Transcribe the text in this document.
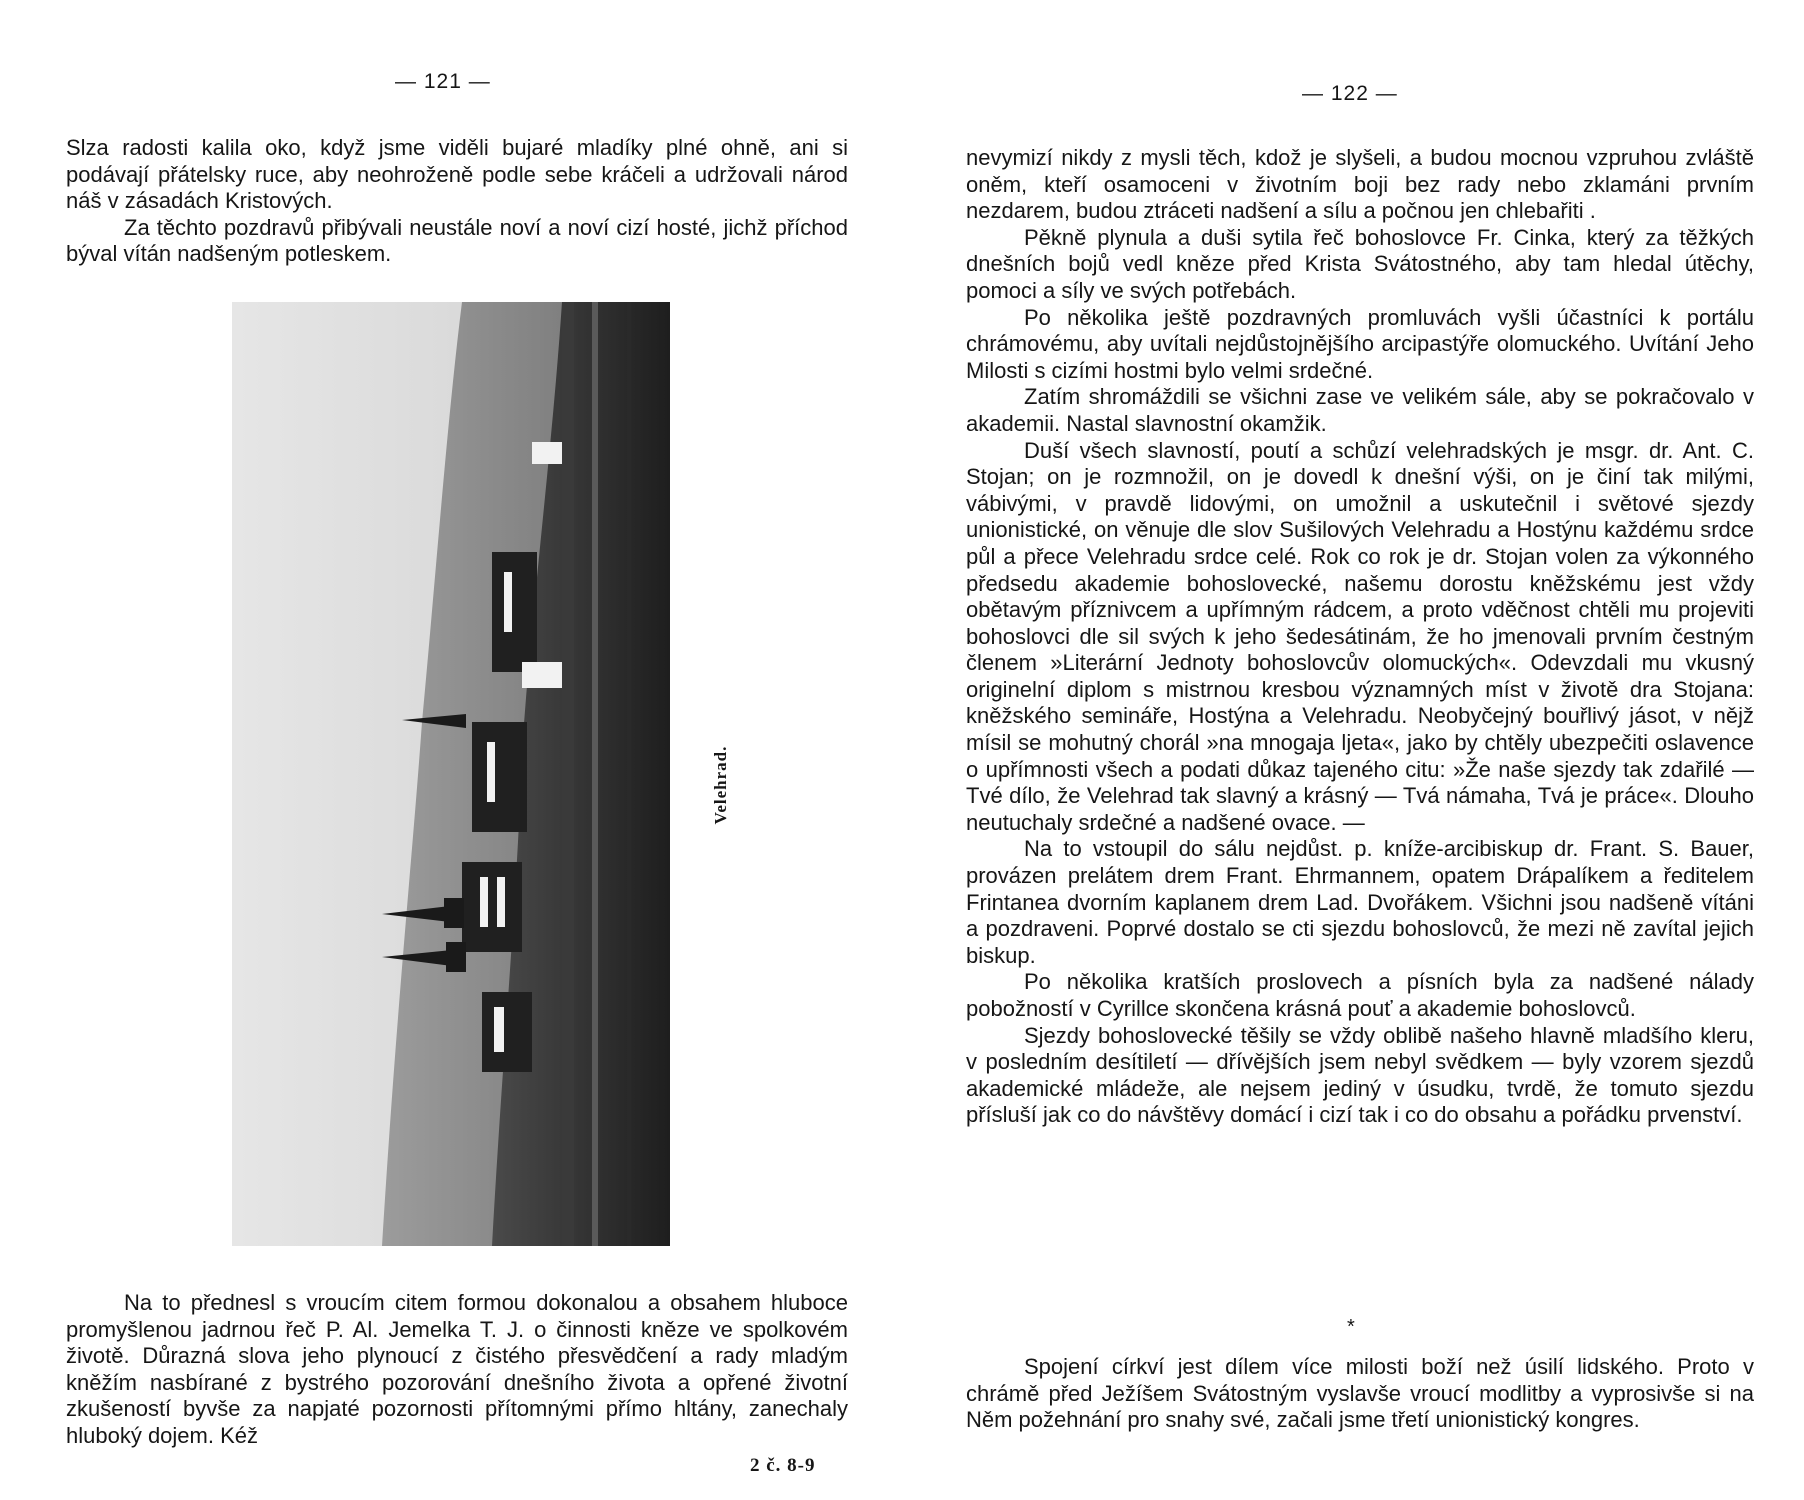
— 121 —

Slza radosti kalila oko, když jsme viděli bujaré mladíky plné ohně, ani si podávají přátelsky ruce, aby neohroženě podle sebe kráčeli a udržovali národ náš v zásadách Kristových.

Za těchto pozdravů přibývali neustále noví a noví cizí hosté, jichž příchod býval vítán nadšeným potleskem.

Velehrad.

Na to přednesl s vroucím citem formou dokonalou a obsahem hluboce promyšlenou jadrnou řeč P. Al. Jemelka T. J. o činnosti kněze ve spolkovém životě. Důrazná slova jeho plynoucí z čistého přesvědčení a rady mladým kněžím nasbírané z bystrého pozorování dnešního života a opřené životní zkušeností byvše za napjaté pozornosti přítomnými přímo hltány, zanechaly hluboký dojem. Kéž

2 č. 8-9
— 122 —

nevymizí nikdy z mysli těch, kdož je slyšeli, a budou mocnou vzpruhou zvláště oněm, kteří osamoceni v životním boji bez rady nebo zklamáni prvním nezdarem, budou ztráceti nadšení a sílu a počnou jen chlebařiti .

Pěkně plynula a duši sytila řeč bohoslovce Fr. Cinka, který za těžkých dnešních bojů vedl kněze před Krista Svátostného, aby tam hledal útěchy, pomoci a síly ve svých potřebách.

Po několika ještě pozdravných promluvách vyšli účastníci k portálu chrámovému, aby uvítali nejdůstojnějšího arcipastýře olomuckého. Uvítání Jeho Milosti s cizími hostmi bylo velmi srdečné.

Zatím shromáždili se všichni zase ve velikém sále, aby se pokračovalo v akademii. Nastal slavnostní okamžik.

Duší všech slavností, poutí a schůzí velehradských je msgr. dr. Ant. C. Stojan; on je rozmnožil, on je dovedl k dnešní výši, on je činí tak milými, vábivými, v pravdě lidovými, on umožnil a uskutečnil i světové sjezdy unionistické, on věnuje dle slov Sušilových Velehradu a Hostýnu každému srdce půl a přece Velehradu srdce celé. Rok co rok je dr. Stojan volen za výkonného předsedu akademie bohoslovecké, našemu dorostu kněžskému jest vždy obětavým příznivcem a upřímným rádcem, a proto vděčnost chtěli mu projeviti bohoslovci dle sil svých k jeho šedesátinám, že ho jmenovali prvním čestným členem »Literární Jednoty bohoslovcův olomuckých«. Odevzdali mu vkusný originelní diplom s mistrnou kresbou významných míst v životě dra Stojana: kněžského semináře, Hostýna a Velehradu. Neobyčejný bouřlivý jásot, v nějž mísil se mohutný chorál »na mnogaja ljeta«, jako by chtěly ubezpečiti oslavence o upřímnosti všech a podati důkaz tajeného citu: »Že naše sjezdy tak zdařilé — Tvé dílo, že Velehrad tak slavný a krásný — Tvá námaha, Tvá je práce«. Dlouho neutuchaly srdečné a nadšené ovace. —

Na to vstoupil do sálu nejdůst. p. kníže-arcibiskup dr. Frant. S. Bauer, provázen prelátem drem Frant. Ehrmannem, opatem Drápalíkem a ředitelem Frintanea dvorním kaplanem drem Lad. Dvořákem. Všichni jsou nadšeně vítáni a pozdraveni. Poprvé dostalo se cti sjezdu bohoslovců, že mezi ně zavítal jejich biskup.

Po několika kratších proslovech a písních byla za nadšené nálady pobožností v Cyrillce skončena krásná pouť a akademie bohoslovců.

Sjezdy bohoslovecké těšily se vždy oblibě našeho hlavně mladšího kleru, v posledním desítiletí — dřívějších jsem nebyl svědkem — byly vzorem sjezdů akademické mládeže, ale nejsem jediný v úsudku, tvrdě, že tomuto sjezdu přísluší jak co do návštěvy domácí i cizí tak i co do obsahu a pořádku prvenství.

*

Spojení církví jest dílem více milosti boží než úsilí lidského. Proto v chrámě před Ježíšem Svátostným vyslavše vroucí modlitby a vyprosivše si na Něm požehnání pro snahy své, začali jsme třetí unionistický kongres.
